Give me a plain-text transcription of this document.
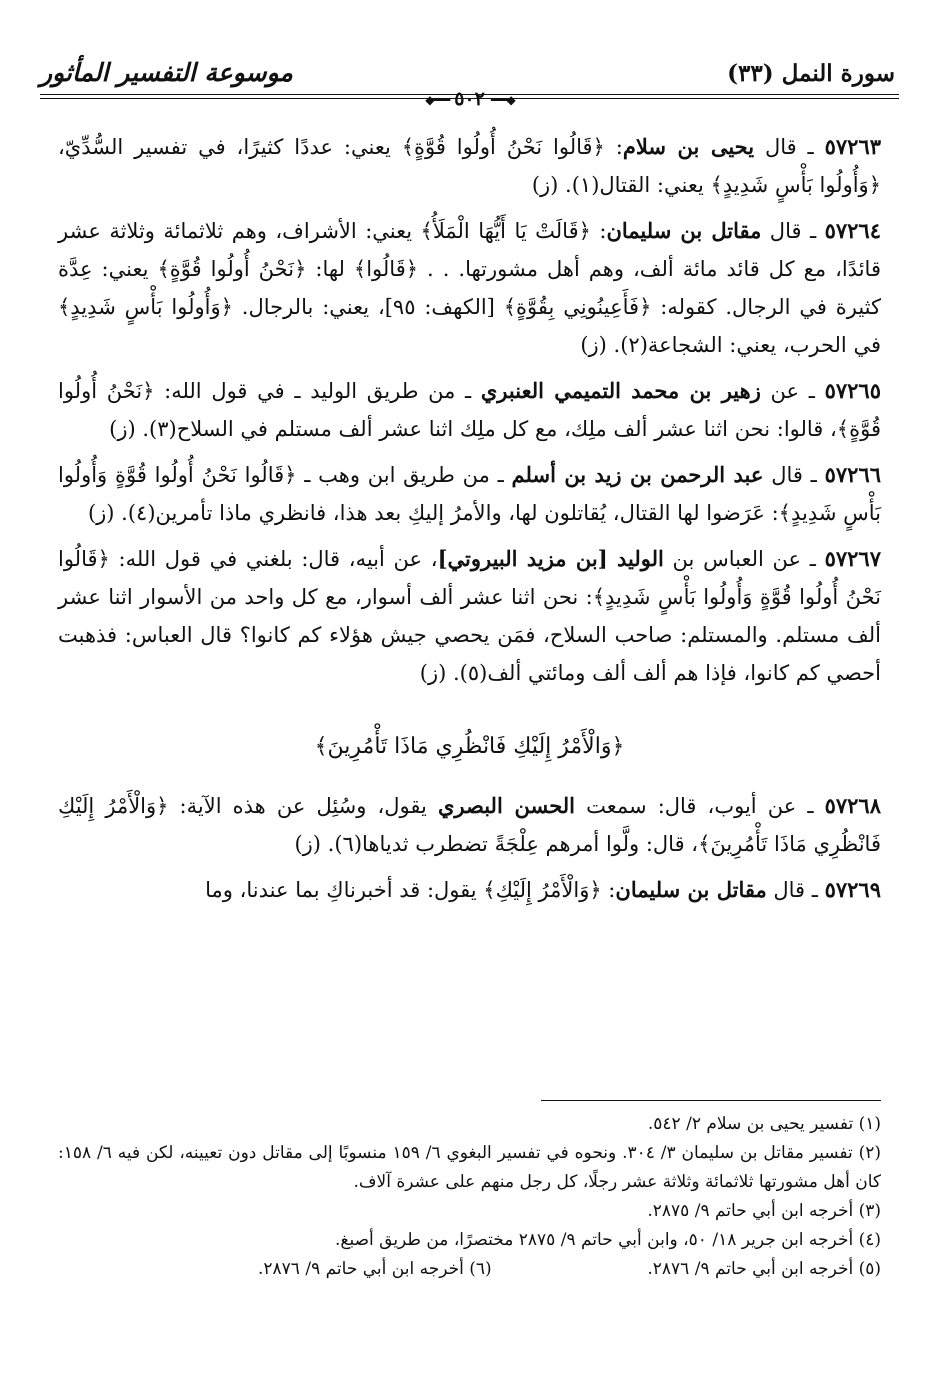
سورة النمل (٣٣)
موسوعة التفسير المأثور
◆━━━٥٠٢━━━◆

٥٧٢٦٣ ـ قال يحيى بن سلام: ﴿قَالُوا نَحْنُ أُولُوا قُوَّةٍ﴾ يعني: عددًا كثيرًا، في تفسير السُّدِّيّ، ﴿وَأُولُوا بَأْسٍ شَدِيدٍ﴾ يعني: القتال(١). (ز)

٥٧٢٦٤ ـ قال مقاتل بن سليمان: ﴿قَالَتْ يَا أَيُّهَا الْمَلَأُ﴾ يعني: الأشراف، وهم ثلاثمائة وثلاثة عشر قائدًا، مع كل قائد مائة ألف، وهم أهل مشورتها. . . ﴿قَالُوا﴾ لها: ﴿نَحْنُ أُولُوا قُوَّةٍ﴾ يعني: عِدَّة كثيرة في الرجال. كقوله: ﴿فَأَعِينُونِي بِقُوَّةٍ﴾ [الكهف: ٩٥]، يعني: بالرجال. ﴿وَأُولُوا بَأْسٍ شَدِيدٍ﴾ في الحرب، يعني: الشجاعة(٢). (ز)

٥٧٢٦٥ ـ عن زهير بن محمد التميمي العنبري ـ من طريق الوليد ـ في قول الله: ﴿نَحْنُ أُولُوا قُوَّةٍ﴾، قالوا: نحن اثنا عشر ألف ملِك، مع كل ملِك اثنا عشر ألف مستلم في السلاح(٣). (ز)

٥٧٢٦٦ ـ قال عبد الرحمن بن زيد بن أسلم ـ من طريق ابن وهب ـ ﴿قَالُوا نَحْنُ أُولُوا قُوَّةٍ وَأُولُوا بَأْسٍ شَدِيدٍ﴾: عَرَضوا لها القتال، يُقاتلون لها، والأمرُ إليكِ بعد هذا، فانظري ماذا تأمرين(٤). (ز)

٥٧٢٦٧ ـ عن العباس بن الوليد [بن مزيد البيروتي]، عن أبيه، قال: بلغني في قول الله: ﴿قَالُوا نَحْنُ أُولُوا قُوَّةٍ وَأُولُوا بَأْسٍ شَدِيدٍ﴾: نحن اثنا عشر ألف أسوار، مع كل واحد من الأسوار اثنا عشر ألف مستلم. والمستلم: صاحب السلاح، فمَن يحصي جيش هؤلاء كم كانوا؟ قال العباس: فذهبت أحصي كم كانوا، فإذا هم ألف ألف ومائتي ألف(٥). (ز)

﴿وَالْأَمْرُ إِلَيْكِ فَانْظُرِي مَاذَا تَأْمُرِينَ﴾

٥٧٢٦٨ ـ عن أيوب، قال: سمعت الحسن البصري يقول، وسُئِل عن هذه الآية: ﴿وَالْأَمْرُ إِلَيْكِ فَانْظُرِي مَاذَا تَأْمُرِينَ﴾، قال: ولَّوا أمرهم عِلْجَةً تضطرب ثدياها(٦). (ز)

٥٧٢٦٩ ـ قال مقاتل بن سليمان: ﴿وَالْأَمْرُ إِلَيْكِ﴾ يقول: قد أخبرناكِ بما عندنا، وما

(١) تفسير يحيى بن سلام ٢/ ٥٤٢.

(٢) تفسير مقاتل بن سليمان ٣/ ٣٠٤. ونحوه في تفسير البغوي ٦/ ١٥٩ منسوبًا إلى مقاتل دون تعيينه، لكن فيه ٦/ ١٥٨: كان أهل مشورتها ثلاثمائة وثلاثة عشر رجلًا، كل رجل منهم على عشرة آلاف.

(٣) أخرجه ابن أبي حاتم ٩/ ٢٨٧٥.

(٤) أخرجه ابن جرير ١٨/ ٥٠، وابن أبي حاتم ٩/ ٢٨٧٥ مختصرًا، من طريق أصبغ.

(٥) أخرجه ابن أبي حاتم ٩/ ٢٨٧٦.

(٦) أخرجه ابن أبي حاتم ٩/ ٢٨٧٦.
